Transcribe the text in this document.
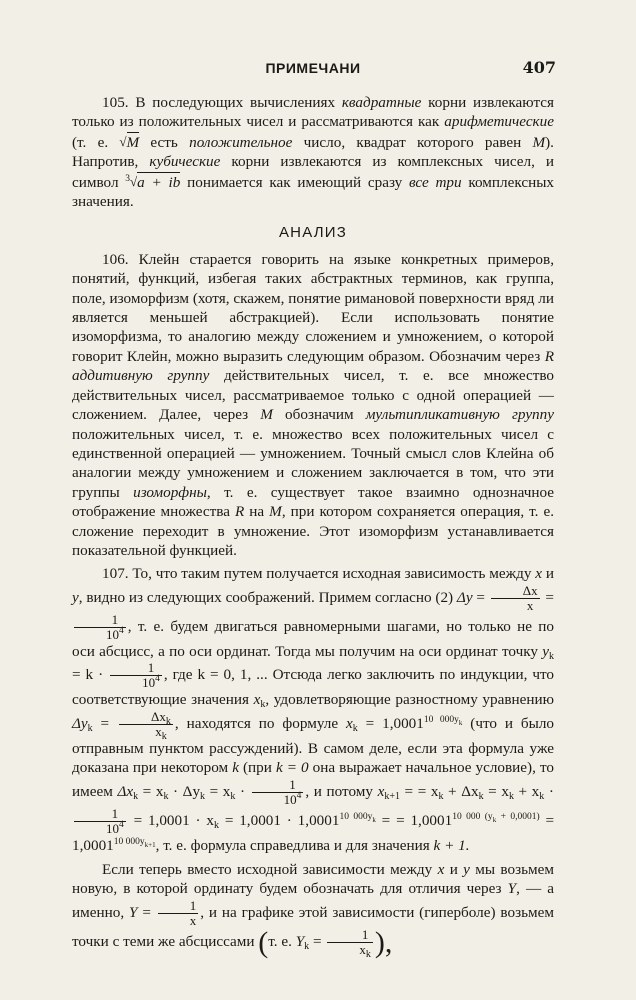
ПРИМЕЧАНИ	407

105. В последующих вычислениях квадратные корни извлекаются только из положительных чисел и рассматриваются как арифметические (т. е. √M есть положительное число, квадрат которого равен M). Напротив, кубические корни извлекаются из комплексных чисел, и символ $^3$√a + ib понимается как имеющий сразу все три комплексных значения.

АНАЛИЗ

106. Клейн старается говорить на языке конкретных примеров, понятий, функций, избегая таких абстрактных терминов, как группа, поле, изоморфизм (хотя, скажем, понятие римановой поверхности вряд ли является меньшей абстракцией). Если использовать понятие изоморфизма, то аналогию между сложением и умножением, о которой говорит Клейн, можно выразить следующим образом. Обозначим через R аддитивную группу действительных чисел, т. е. все множество действительных чисел, рассматриваемое только с одной операцией — сложением. Далее, через M обозначим мультипликативную группу положительных чисел, т. е. множество всех положительных чисел с единственной операцией — умножением. Точный смысл слов Клейна об аналогии между умножением и сложением заключается в том, что эти группы изоморфны, т. е. существует такое взаимно однозначное отображение множества R на M, при котором сохраняется операция, т. е. сложение переходит в умножение. Этот изоморфизм устанавливается показательной функцией.

107. То, что таким путем получается исходная зависимость между x и y, видно из следующих соображений. Примем согласно (2) $\Delta y = \frac{\Delta x}{x}$ =
$\frac{1}{10^4}$ , т. е. будем двигаться равномерными шагами, но только не по оси абсцисс, а по оси ординат. Тогда мы получим на оси ординат точку $y_k = k \cdot \frac{1}{10^4}$ , где k = 0, 1, ... Отсюда легко заключить по индукции, что соответствующие значения $x_k$, удовлетворяющие разностному уравнению $\Delta y_k = \frac{\Delta x_k}{x_k}$ , находятся по формуле $x_k = 1,0001^{10 000y_k}$ (что и было отправным пунктом рассуждений). В самом деле, если эта формула уже доказана при некотором k (при k = 0 она выражает начальное условие), то имеем $\Delta x_k = x_k \cdot \Delta y_k = x_k \cdot \frac{1}{10^4}$ , и потому $x_{k+1}$ = = $x_k + \Delta x_k = x_k + x_k$ ·
$\frac{1}{10^4} = 1,0001 \cdot x_k = 1,0001 \cdot 1,0001^{10 000y_k}$ = = $1,0001^{10 000 (y_k + 0,0001)} = 1,0001^{10 000y_{k+1}}$, т. е. формула справедлива и для значения k + 1.

Если теперь вместо исходной зависимости между x и y мы возьмем новую, в которой ординату будем обозначать для отличия через Y, — а именно, $Y = \frac{1}{x}$ , и на графике этой зависимости (гиперболе) возьмем точки с теми же абсциссами (т. е. $Y_k = \frac{1}{x_k}$ ),
